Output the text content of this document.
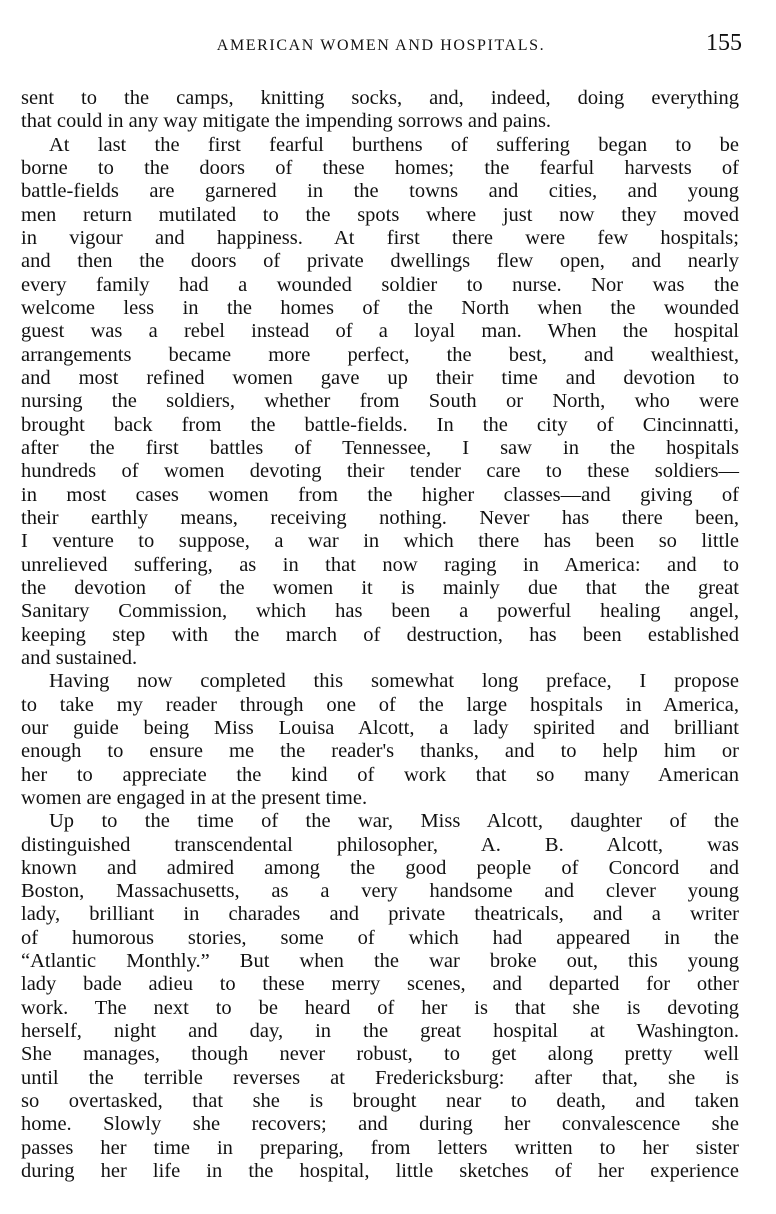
AMERICAN WOMEN AND HOSPITALS.	155
sent to the camps, knitting socks, and, indeed, doing everything
that could in any way mitigate the impending sorrows and pains.
At last the first fearful burthens of suffering began to be
borne to the doors of these homes; the fearful harvests of
battle-fields are garnered in the towns and cities, and young
men return mutilated to the spots where just now they moved
in vigour and happiness. At first there were few hospitals;
and then the doors of private dwellings flew open, and nearly
every family had a wounded soldier to nurse. Nor was the
welcome less in the homes of the North when the wounded
guest was a rebel instead of a loyal man. When the hospital
arrangements became more perfect, the best, and wealthiest,
and most refined women gave up their time and devotion to
nursing the soldiers, whether from South or North, who were
brought back from the battle-fields. In the city of Cincinnatti,
after the first battles of Tennessee, I saw in the hospitals
hundreds of women devoting their tender care to these soldiers—
in most cases women from the higher classes—and giving of
their earthly means, receiving nothing. Never has there been,
I venture to suppose, a war in which there has been so little
unrelieved suffering, as in that now raging in America: and to
the devotion of the women it is mainly due that the great
Sanitary Commission, which has been a powerful healing angel,
keeping step with the march of destruction, has been established
and sustained.
Having now completed this somewhat long preface, I propose
to take my reader through one of the large hospitals in America,
our guide being Miss Louisa Alcott, a lady spirited and brilliant
enough to ensure me the reader's thanks, and to help him or
her to appreciate the kind of work that so many American
women are engaged in at the present time.
Up to the time of the war, Miss Alcott, daughter of the
distinguished transcendental philosopher, A. B. Alcott, was
known and admired among the good people of Concord and
Boston, Massachusetts, as a very handsome and clever young
lady, brilliant in charades and private theatricals, and a writer
of humorous stories, some of which had appeared in the
“Atlantic Monthly.” But when the war broke out, this young
lady bade adieu to these merry scenes, and departed for other
work. The next to be heard of her is that she is devoting
herself, night and day, in the great hospital at Washington.
She manages, though never robust, to get along pretty well
until the terrible reverses at Fredericksburg: after that, she is
so overtasked, that she is brought near to death, and taken
home. Slowly she recovers; and during her convalescence she
passes her time in preparing, from letters written to her sister
during her life in the hospital, little sketches of her experience
